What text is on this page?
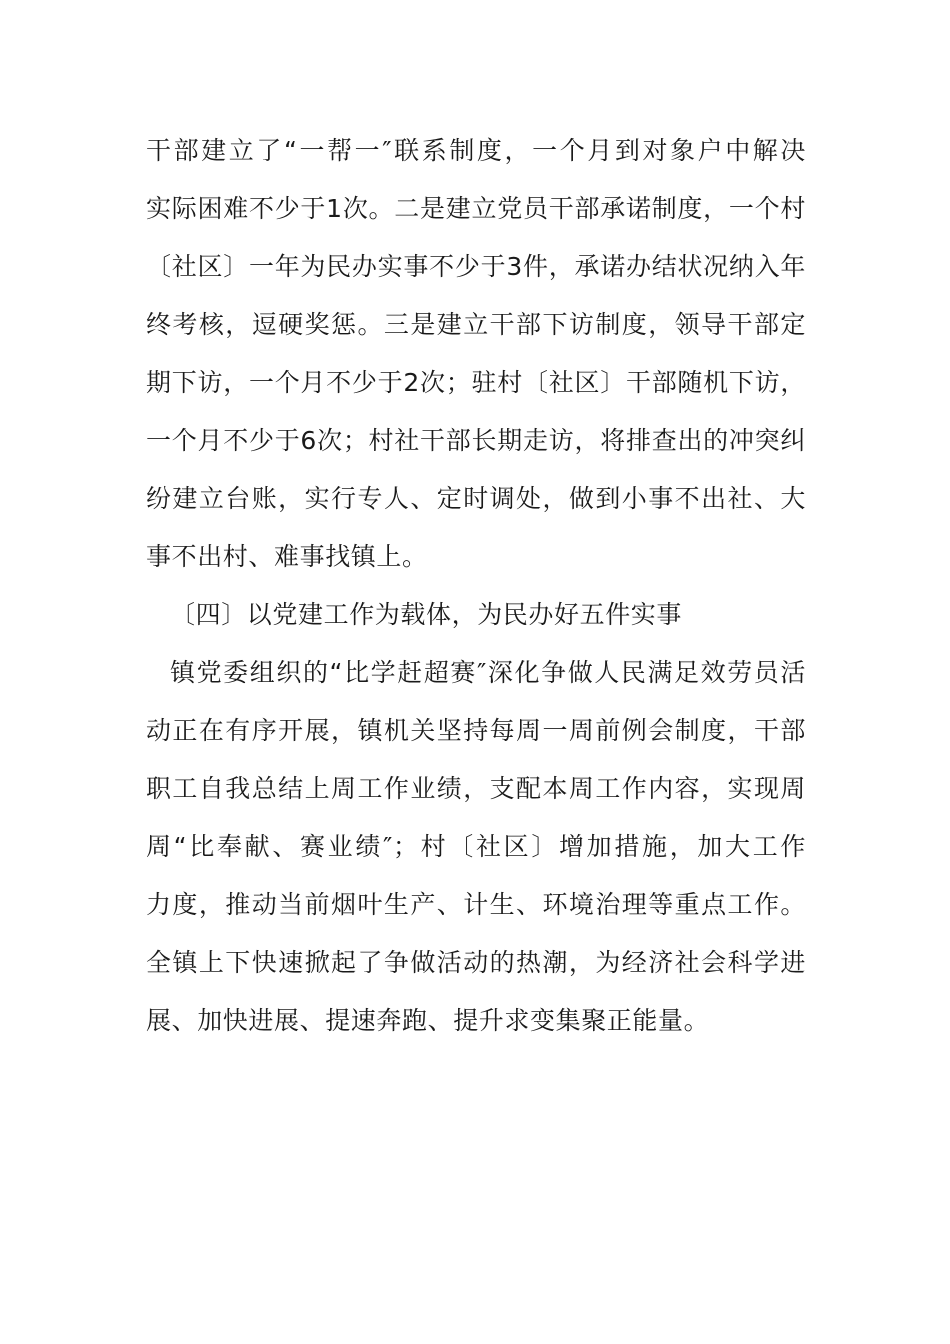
干部建立了“一帮一″联系制度，一个月到对象户中解决
实际困难不少于1次。二是建立党员干部承诺制度，一个村
〔社区〕一年为民办实事不少于3件，承诺办结状况纳入年
终考核，逗硬奖惩。三是建立干部下访制度，领导干部定
期下访，一个月不少于2次；驻村〔社区〕干部随机下访，
一个月不少于6次；村社干部长期走访，将排查出的冲突纠
纷建立台账，实行专人、定时调处，做到小事不出社、大
事不出村、难事找镇上。
〔四〕以党建工作为载体，为民办好五件实事
镇党委组织的“比学赶超赛″深化争做人民满足效劳员活
动正在有序开展，镇机关坚持每周一周前例会制度，干部
职工自我总结上周工作业绩，支配本周工作内容，实现周
周“比奉献、赛业绩″；村〔社区〕增加措施，加大工作
力度，推动当前烟叶生产、计生、环境治理等重点工作。
全镇上下快速掀起了争做活动的热潮，为经济社会科学进
展、加快进展、提速奔跑、提升求变集聚正能量。
